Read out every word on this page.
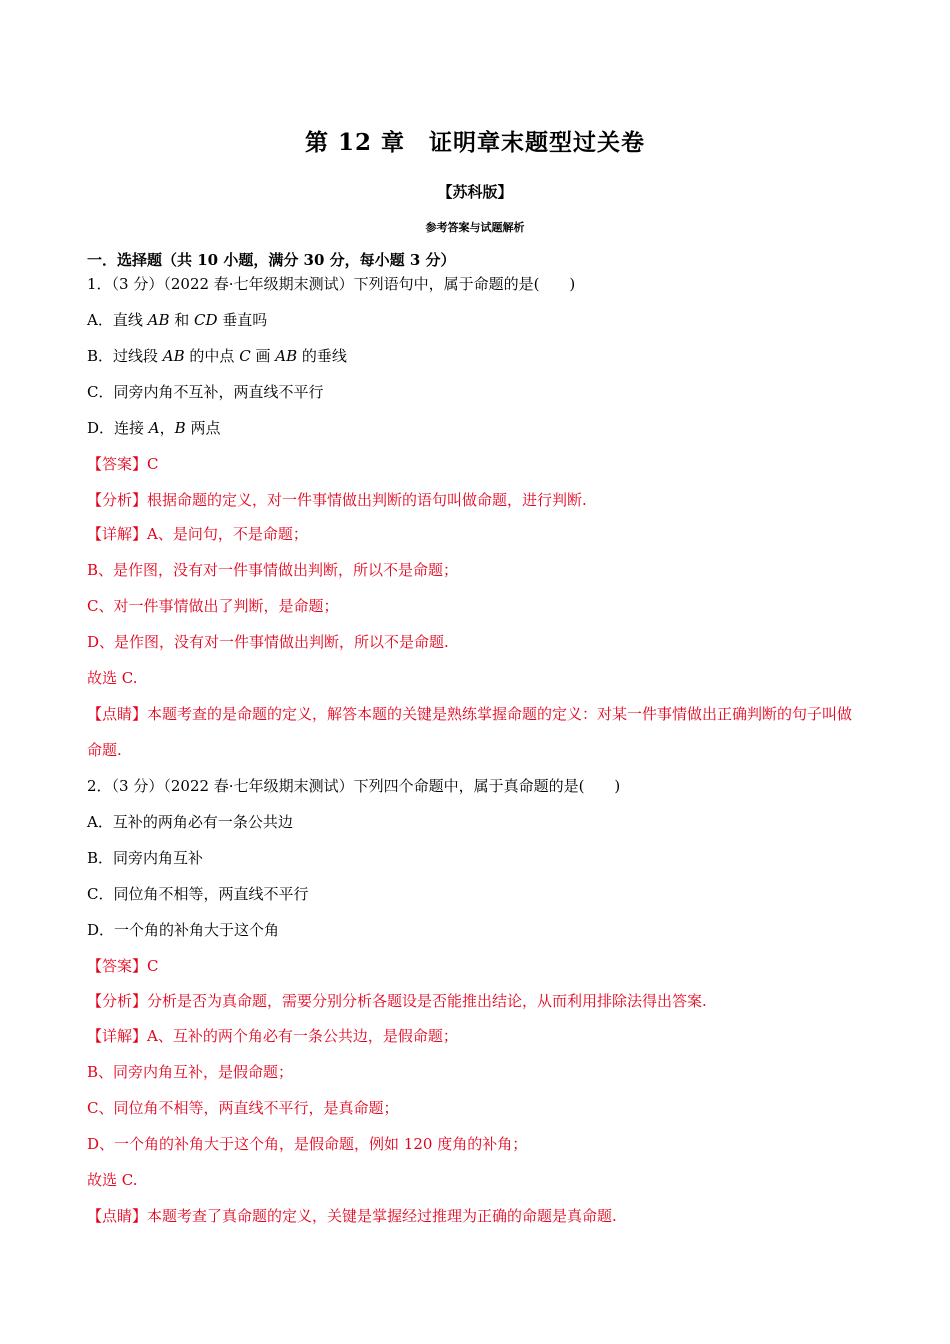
第 12 章　证明章末题型过关卷
【苏科版】
参考答案与试题解析
一．选择题（共 10 小题，满分 30 分，每小题 3 分）
1．（3 分）（2022 春·七年级期末测试）下列语句中，属于命题的是(　　)
A．直线 AB 和 CD 垂直吗
B．过线段 AB 的中点 C 画 AB 的垂线
C．同旁内角不互补，两直线不平行
D．连接 A，B 两点
【答案】C
【分析】根据命题的定义，对一件事情做出判断的语句叫做命题，进行判断.
【详解】A、是问句，不是命题；
B、是作图，没有对一件事情做出判断，所以不是命题；
C、对一件事情做出了判断，是命题；
D、是作图，没有对一件事情做出判断，所以不是命题.
故选 C.
【点睛】本题考查的是命题的定义，解答本题的关键是熟练掌握命题的定义：对某一件事情做出正确判断的句子叫做命题.
2．（3 分）（2022 春·七年级期末测试）下列四个命题中，属于真命题的是(　　)
A．互补的两角必有一条公共边
B．同旁内角互补
C．同位角不相等，两直线不平行
D．一个角的补角大于这个角
【答案】C
【分析】分析是否为真命题，需要分别分析各题设是否能推出结论，从而利用排除法得出答案.
【详解】A、互补的两个角必有一条公共边，是假命题；
B、同旁内角互补，是假命题；
C、同位角不相等，两直线不平行，是真命题；
D、一个角的补角大于这个角，是假命题，例如 120 度角的补角；
故选 C.
【点睛】本题考查了真命题的定义，关键是掌握经过推理为正确的命题是真命题.
